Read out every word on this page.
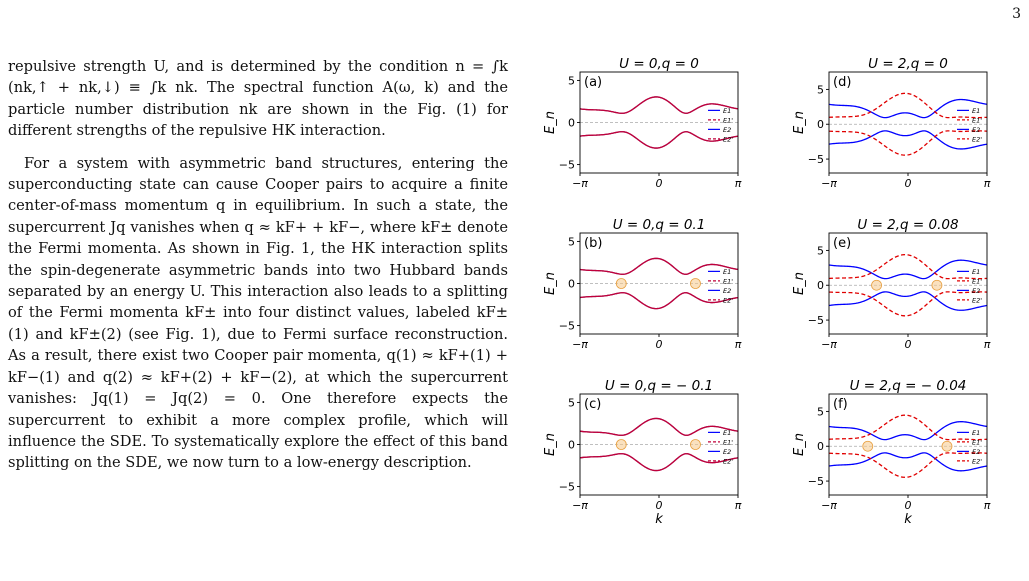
3

repulsive strength U, and is determined by the condition n = ∫k (nk,↑ + nk,↓) ≡ ∫k nk. The spectral function A(ω, k) and the particle number distribution nk are shown in the Fig. (1) for different strengths of the repulsive HK interaction.

For a system with asymmetric band structures, entering the superconducting state can cause Cooper pairs to acquire a finite center-of-mass momentum q in equilibrium. In such a state, the supercurrent Jq vanishes when q ≈ kF+ + kF−, where kF± denote the Fermi momenta. As shown in Fig. 1, the HK interaction splits the spin-degenerate asymmetric bands into two Hubbard bands separated by an energy U. This interaction also leads to a splitting of the Fermi momenta kF± into four distinct values, labeled kF±(1) and kF±(2) (see Fig. 1), due to Fermi surface reconstruction. As a result, there exist two Cooper pair momenta, q(1) ≈ kF+(1) + kF−(1) and q(2) ≈ kF+(2) + kF−(2), at which the supercurrent vanishes: Jq(1) = Jq(2) = 0. One therefore expects the supercurrent to exhibit a more complex profile, which will influence the SDE. To systematically explore the effect of this band splitting on the SDE, we now turn to a low-energy description.

−π	0	π
5
0
−5
U = 0,q = 0
(a)
E_n
E1
E1'
E2
E2'
−π	0	π
5
0
−5
U = 2,q = 0
(d)
E_n
E1
E1'
E2
E2'
−π	0	π
5
0
−5
U = 0,q = 0.1
(b)
E_n
E1
E1'
E2
E2'
−π	0	π
5
0
−5
U = 2,q = 0.08
(e)
E_n
E1
E1'
E2
E2'
−π	0	π
5
0
−5
U = 0,q = − 0.1
(c)
E_n
k
E1
E1'
E2
E2'
−π	0	π
5
0
−5
U = 2,q = − 0.04
(f)
E_n
k
E1
E1'
E2
E2'
